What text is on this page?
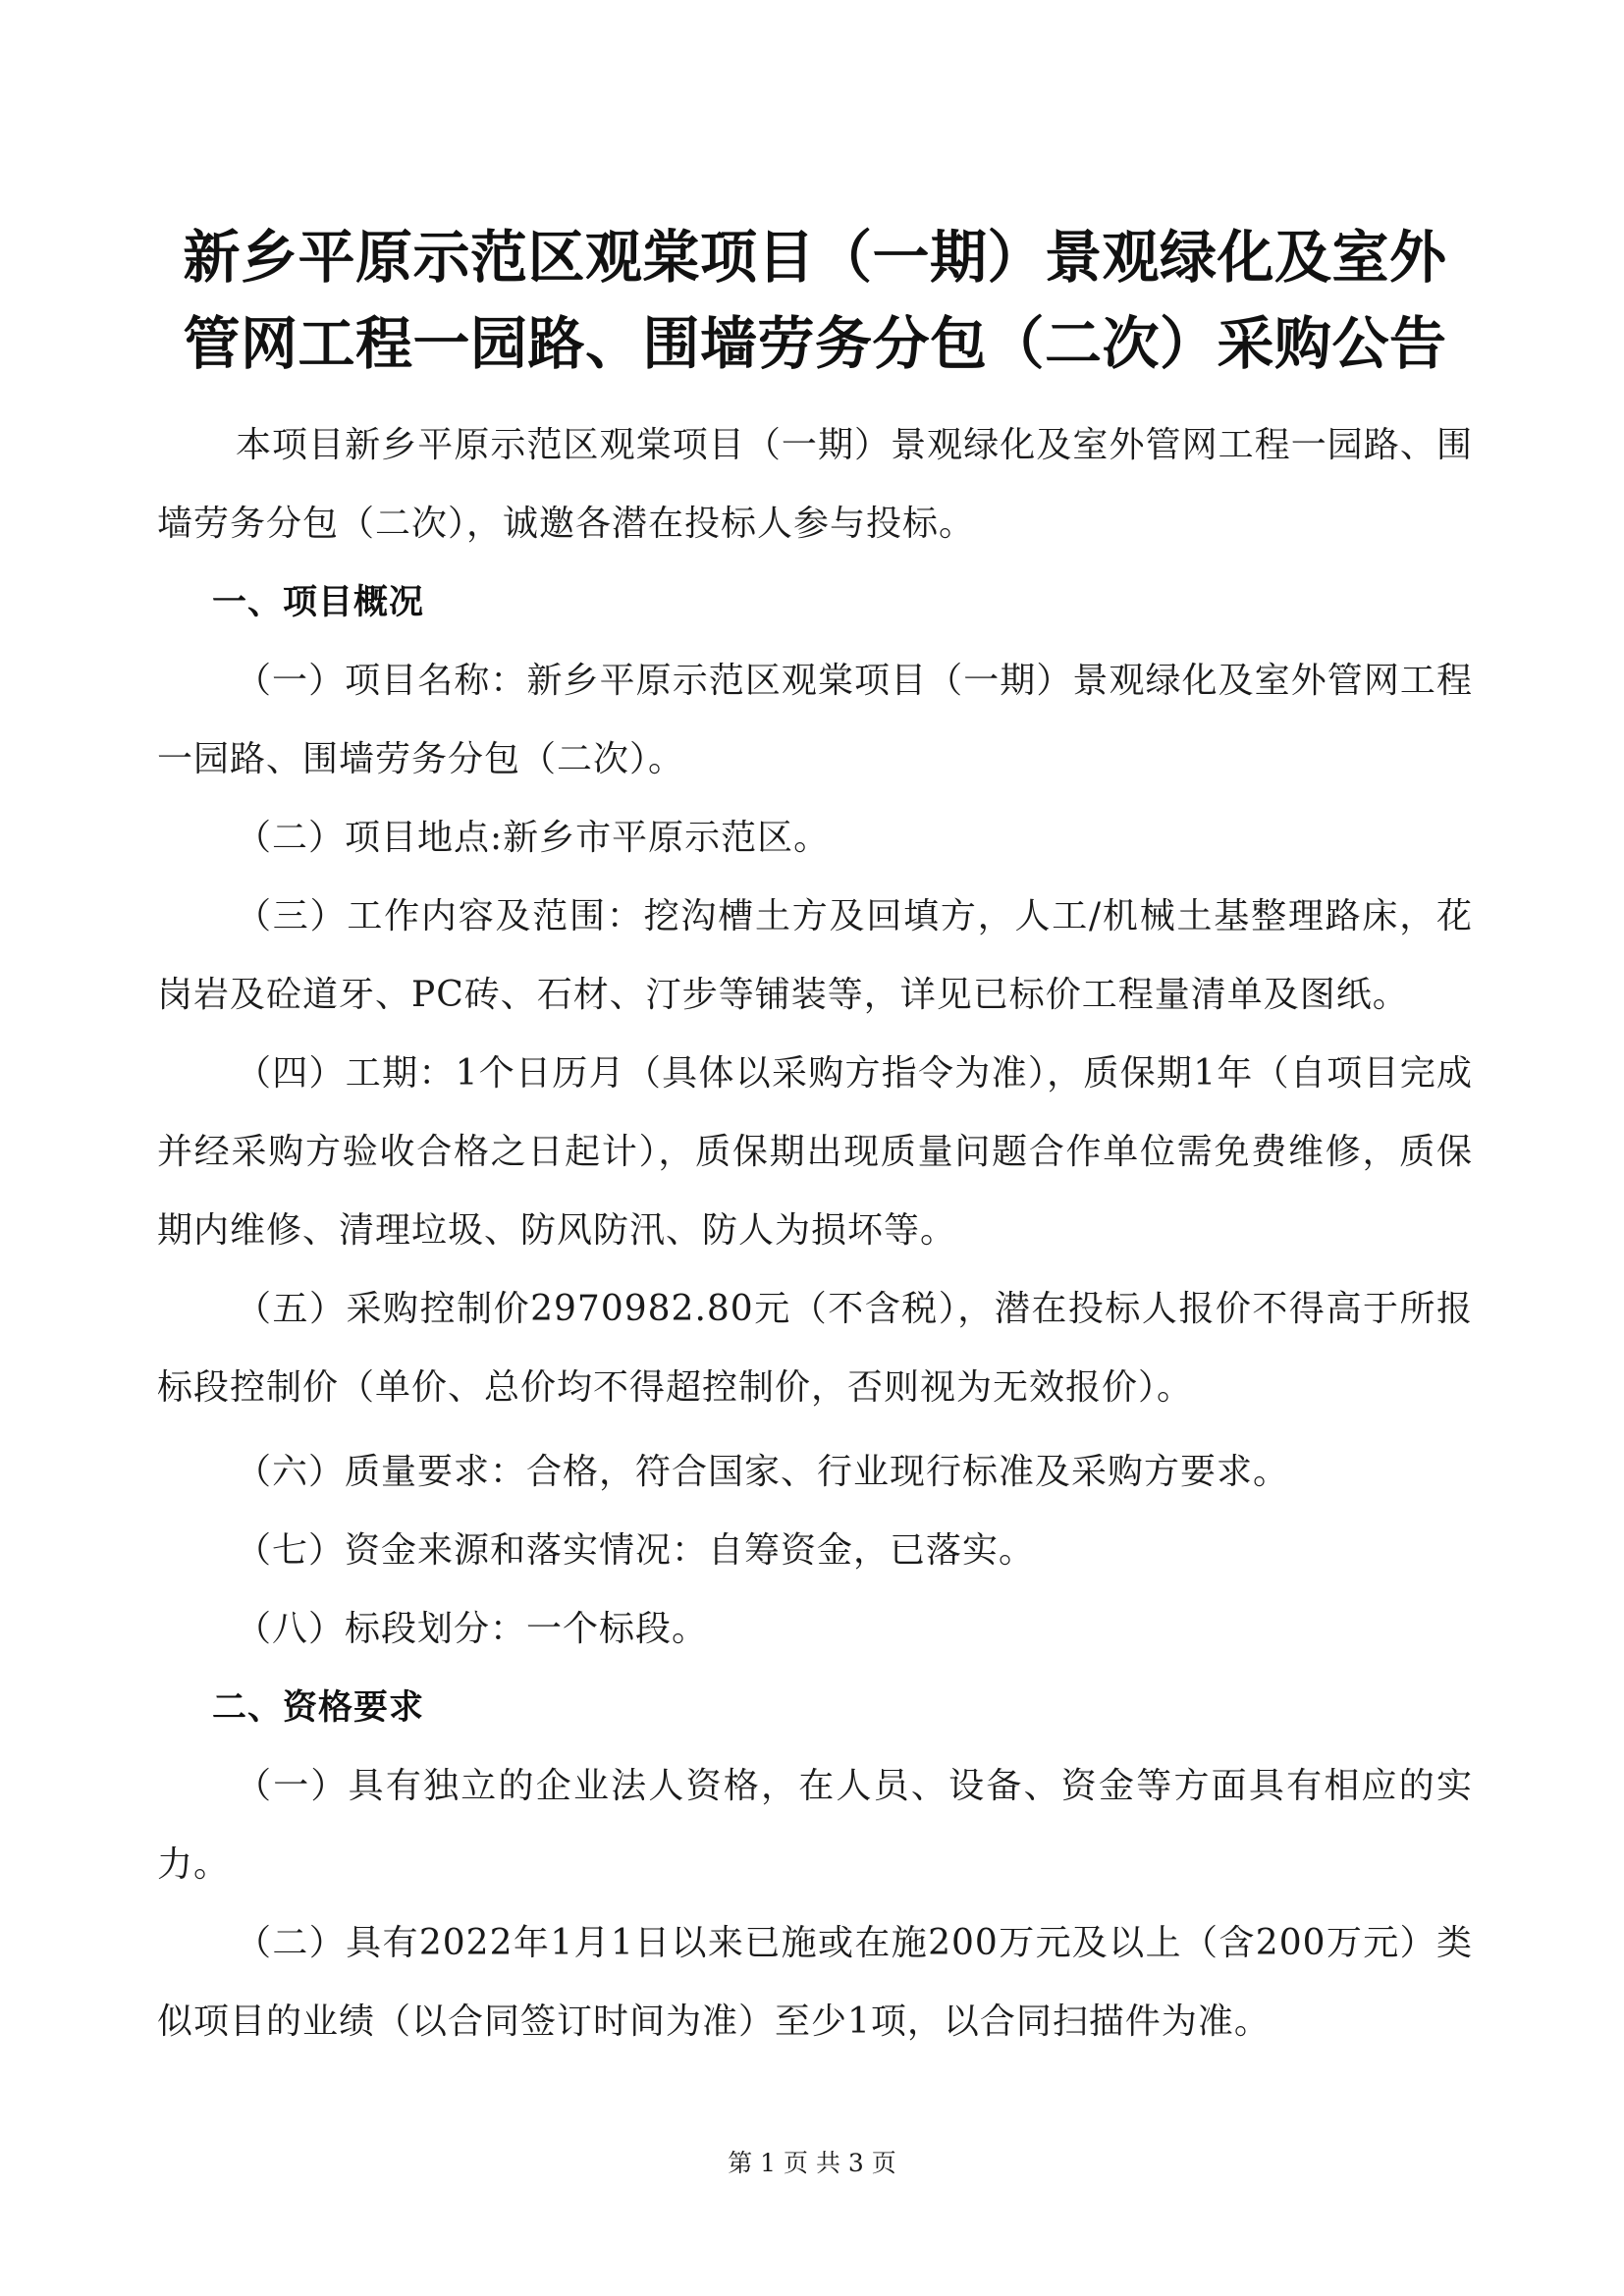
新乡平原示范区观棠项目（一期）景观绿化及室外
管网工程一园路、围墙劳务分包（二次）采购公告

本项目新乡平原示范区观棠项目（一期）景观绿化及室外管网工程一园路、围墙劳务分包（二次），诚邀各潜在投标人参与投标。

一、项目概况

（一）项目名称：新乡平原示范区观棠项目（一期）景观绿化及室外管网工程一园路、围墙劳务分包（二次）。

（二）项目地点:新乡市平原示范区。

（三）工作内容及范围：挖沟槽土方及回填方，人工/机械土基整理路床，花岗岩及砼道牙、PC砖、石材、汀步等铺装等，详见已标价工程量清单及图纸。

（四）工期：1个日历月（具体以采购方指令为准），质保期1年（自项目完成并经采购方验收合格之日起计），质保期出现质量问题合作单位需免费维修，质保期内维修、清理垃圾、防风防汛、防人为损坏等。

（五）采购控制价2970982.80元（不含税），潜在投标人报价不得高于所报标段控制价（单价、总价均不得超控制价，否则视为无效报价）。

（六）质量要求：合格，符合国家、行业现行标准及采购方要求。

（七）资金来源和落实情况：自筹资金，已落实。

（八）标段划分：一个标段。

二、资格要求

（一）具有独立的企业法人资格，在人员、设备、资金等方面具有相应的实力。

（二）具有2022年1月1日以来已施或在施200万元及以上（含200万元）类似项目的业绩（以合同签订时间为准）至少1项，以合同扫描件为准。

第 1 页 共 3 页
